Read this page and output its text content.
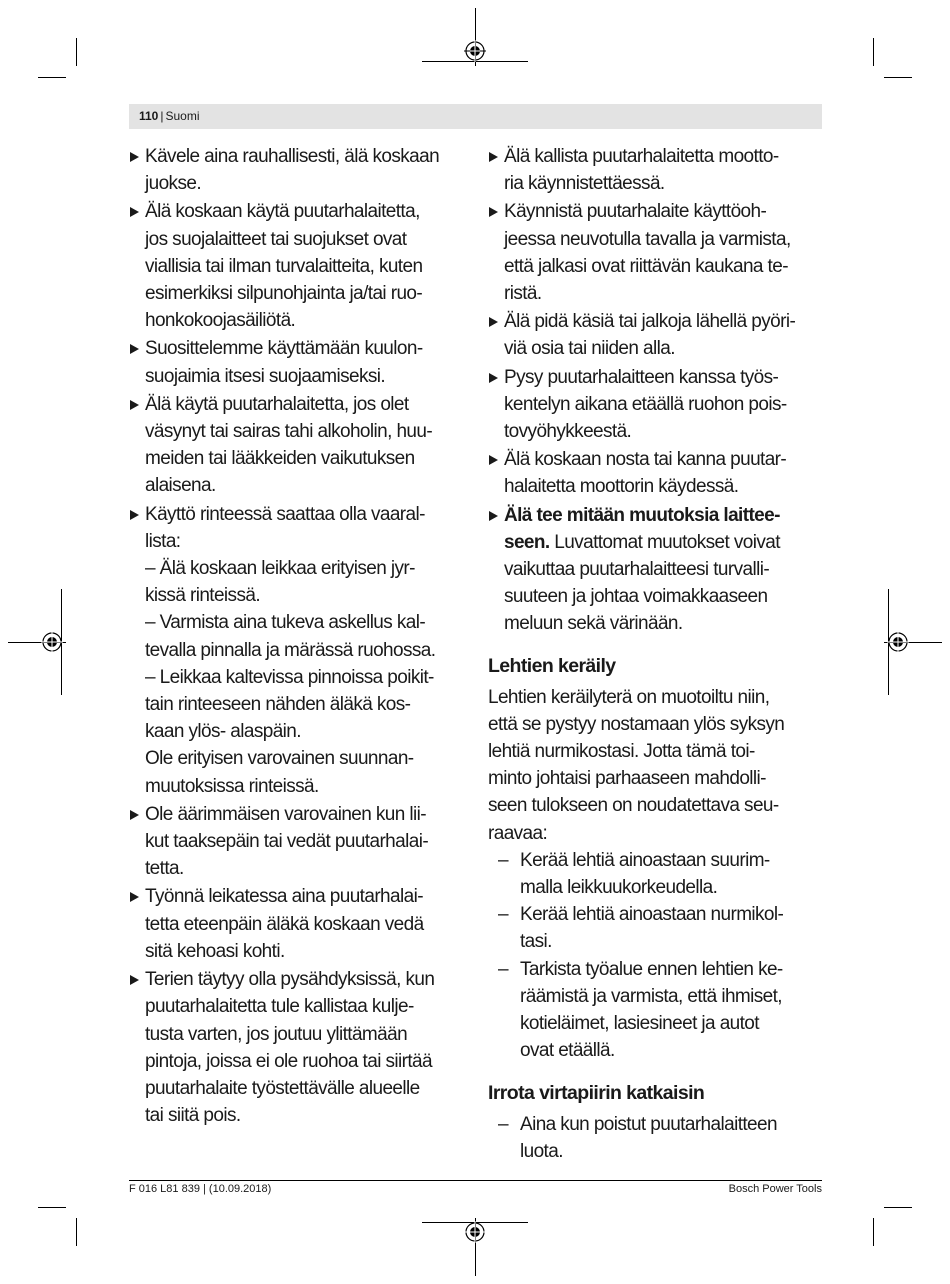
110 | Suomi
Kävele aina rauhallisesti, älä koskaan
juokse.
Älä koskaan käytä puutarhalaitetta,
jos suojalaitteet tai suojukset ovat
viallisia tai ilman turvalaitteita, kuten
esimerkiksi silpunohjainta ja/tai ruo-
honkokoojasäiliötä.
Suosittelemme käyttämään kuulon-
suojaimia itsesi suojaamiseksi.
Älä käytä puutarhalaitetta, jos olet
väsynyt tai sairas tahi alkoholin, huu-
meiden tai lääkkeiden vaikutuksen
alaisena.
Käyttö rinteessä saattaa olla vaaral-
lista:
– Älä koskaan leikkaa erityisen jyr-
kissä rinteissä.
– Varmista aina tukeva askellus kal-
tevalla pinnalla ja märässä ruohossa.
– Leikkaa kaltevissa pinnoissa poikit-
tain rinteeseen nähden äläkä kos-
kaan ylös- alaspäin.
Ole erityisen varovainen suunnan-
muutoksissa rinteissä.
Ole äärimmäisen varovainen kun lii-
kut taaksepäin tai vedät puutarhalai-
tetta.
Työnnä leikatessa aina puutarhalai-
tetta eteenpäin äläkä koskaan vedä
sitä kehoasi kohti.
Terien täytyy olla pysähdyksissä, kun
puutarhalaitetta tule kallistaa kulje-
tusta varten, jos joutuu ylittämään
pintoja, joissa ei ole ruohoa tai siirtää
puutarhalaite työstettävälle alueelle
tai siitä pois.
Älä kallista puutarhalaitetta mootto-
ria käynnistettäessä.
Käynnistä puutarhalaite käyttöoh-
jeessa neuvotulla tavalla ja varmista,
että jalkasi ovat riittävän kaukana te-
ristä.
Älä pidä käsiä tai jalkoja lähellä pyöri-
viä osia tai niiden alla.
Pysy puutarhalaitteen kanssa työs-
kentelyn aikana etäällä ruohon pois-
tovyöhykkeestä.
Älä koskaan nosta tai kanna puutar-
halaitetta moottorin käydessä.
Älä tee mitään muutoksia laittee-
seen. Luvattomat muutokset voivat
vaikuttaa puutarhalaitteesi turvalli-
suuteen ja johtaa voimakkaaseen
meluun sekä värinään.
Lehtien keräily
Lehtien keräilyterä on muotoiltu niin,
että se pystyy nostamaan ylös syksyn
lehtiä nurmikostasi. Jotta tämä toi-
minto johtaisi parhaaseen mahdolli-
seen tulokseen on noudatettava seu-
raavaa:
– Kerää lehtiä ainoastaan suurim-
malla leikkuukorkeudella.
– Kerää lehtiä ainoastaan nurmikol-
tasi.
– Tarkista työalue ennen lehtien ke-
räämistä ja varmista, että ihmiset,
kotieläimet, lasiesineet ja autot
ovat etäällä.
Irrota virtapiirin katkaisin
– Aina kun poistut puutarhalaitteen
luota.
F 016 L81 839 | (10.09.2018)	Bosch Power Tools
